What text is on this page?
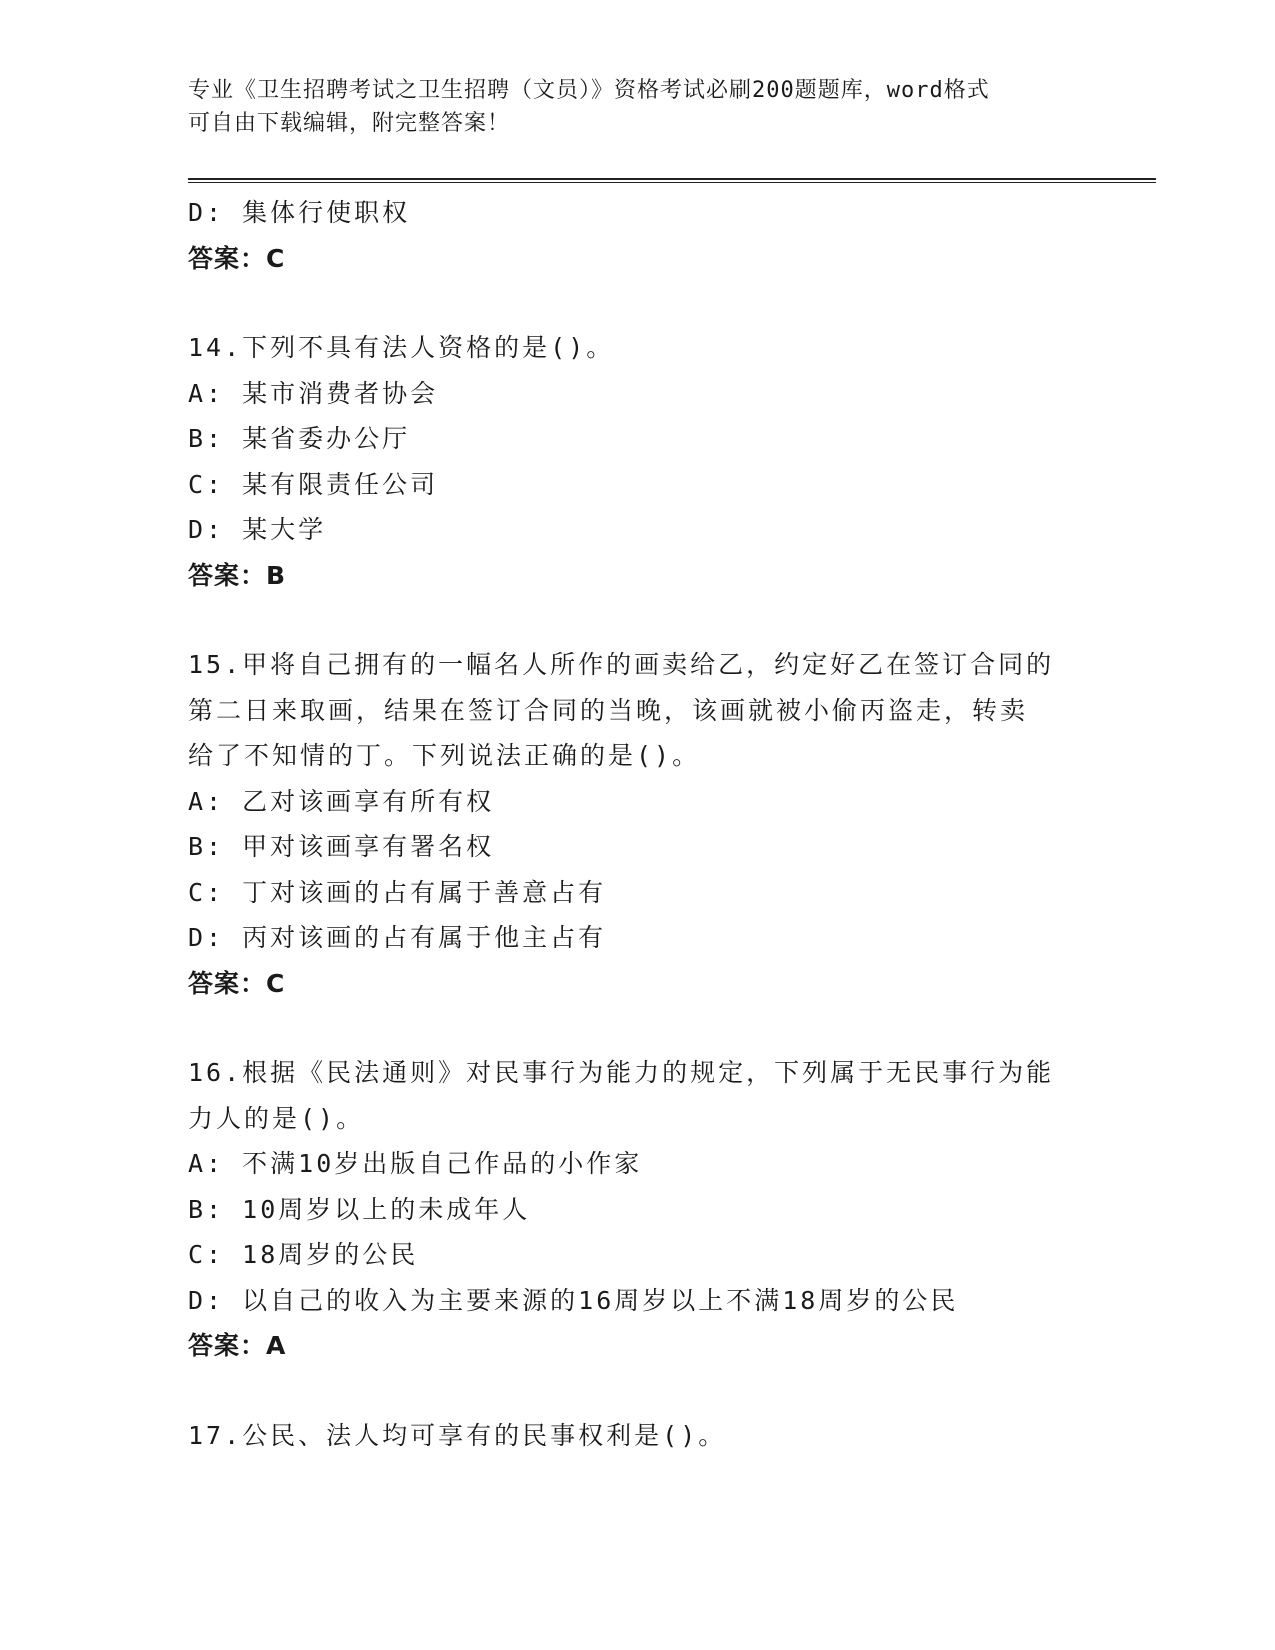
专业《卫生招聘考试之卫生招聘（文员）》资格考试必刷200题题库，word格式
可自由下载编辑，附完整答案！
D: 集体行使职权
答案：C
14.下列不具有法人资格的是()。
A: 某市消费者协会
B: 某省委办公厅
C: 某有限责任公司
D: 某大学
答案：B
15.甲将自己拥有的一幅名人所作的画卖给乙，约定好乙在签订合同的
第二日来取画，结果在签订合同的当晚，该画就被小偷丙盗走，转卖
给了不知情的丁。下列说法正确的是()。
A: 乙对该画享有所有权
B: 甲对该画享有署名权
C: 丁对该画的占有属于善意占有
D: 丙对该画的占有属于他主占有
答案：C
16.根据《民法通则》对民事行为能力的规定，下列属于无民事行为能
力人的是()。
A: 不满10岁出版自己作品的小作家
B: 10周岁以上的未成年人
C: 18周岁的公民
D: 以自己的收入为主要来源的16周岁以上不满18周岁的公民
答案：A
17.公民、法人均可享有的民事权利是()。
